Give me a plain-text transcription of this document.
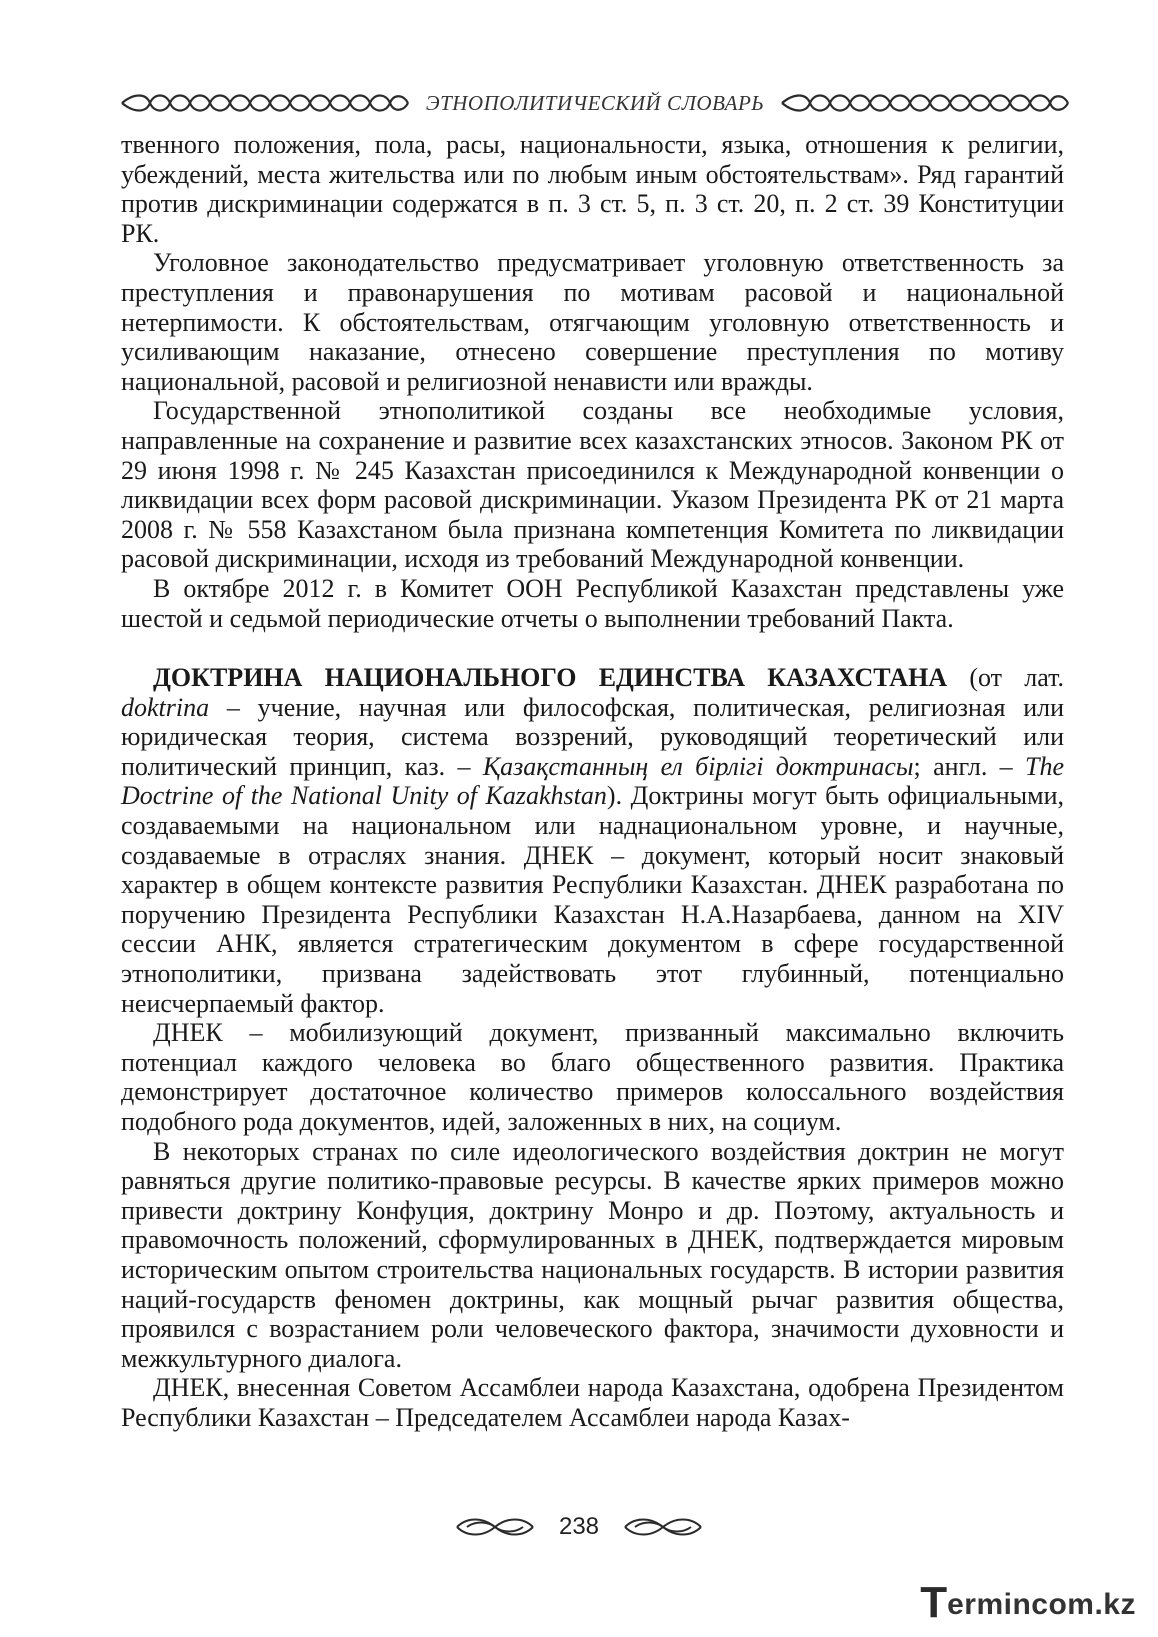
ЭТНОПОЛИТИЧЕСКИЙ СЛОВАРЬ

твенного положения, пола, расы, национальности, языка, отношения к религии, убеждений, места жительства или по любым иным обстоятельствам». Ряд гарантий против дискриминации содержатся в п. 3 ст. 5, п. 3 ст. 20, п. 2 ст. 39 Конституции РК.

Уголовное законодательство предусматривает уголовную ответственность за преступления и правонарушения по мотивам расовой и национальной нетерпимости. К обстоятельствам, отягчающим уголовную ответственность и усиливающим наказание, отнесено совершение преступления по мотиву национальной, расовой и религиозной ненависти или вражды.

Государственной этнополитикой созданы все необходимые условия, направленные на сохранение и развитие всех казахстанских этносов. Законом РК от 29 июня 1998 г. № 245 Казахстан присоединился к Международной конвенции о ликвидации всех форм расовой дискриминации. Указом Президента РК от 21 марта 2008 г. № 558 Казахстаном была признана компетенция Комитета по ликвидации расовой дискриминации, исходя из требований Международной конвенции.

В октябре 2012 г. в Комитет ООН Республикой Казахстан представлены уже шестой и седьмой периодические отчеты о выполнении требований Пакта.

ДОКТРИНА НАЦИОНАЛЬНОГО ЕДИНСТВА КАЗАХСТАНА (от лат. doktrina – учение, научная или философская, политическая, религиозная или юридическая теория, система воззрений, руководящий теоретический или политический принцип, каз. – Қазақстанның ел бірлігі доктринасы; англ. – The Doctrine of the National Unity of Kazakhstan). Доктрины могут быть официальными, создаваемыми на национальном или наднациональном уровне, и научные, создаваемые в отраслях знания. ДНЕК – документ, который носит знаковый характер в общем контексте развития Республики Казахстан. ДНЕК разработана по поручению Президента Республики Казахстан Н.А.Назарбаева, данном на XIV сессии АНК, является стратегическим документом в сфере государственной этнополитики, призвана задействовать этот глубинный, потенциально неисчерпаемый фактор.

ДНЕК – мобилизующий документ, призванный максимально включить потенциал каждого человека во благо общественного развития. Практика демонстрирует достаточное количество примеров колоссального воздействия подобного рода документов, идей, заложенных в них, на социум.

В некоторых странах по силе идеологического воздействия доктрин не могут равняться другие политико-правовые ресурсы. В качестве ярких примеров можно привести доктрину Конфуция, доктрину Монро и др. Поэтому, актуальность и правомочность положений, сформулированных в ДНЕК, подтверждается мировым историческим опытом строительства национальных государств. В истории развития наций-государств феномен доктрины, как мощный рычаг развития общества, проявился с возрастанием роли человеческого фактора, значимости духовности и межкультурного диалога.

ДНЕК, внесенная Советом Ассамблеи народа Казахстана, одобрена Президентом Республики Казахстан – Председателем Ассамблеи народа Казах-

238
T ermincom.kz
